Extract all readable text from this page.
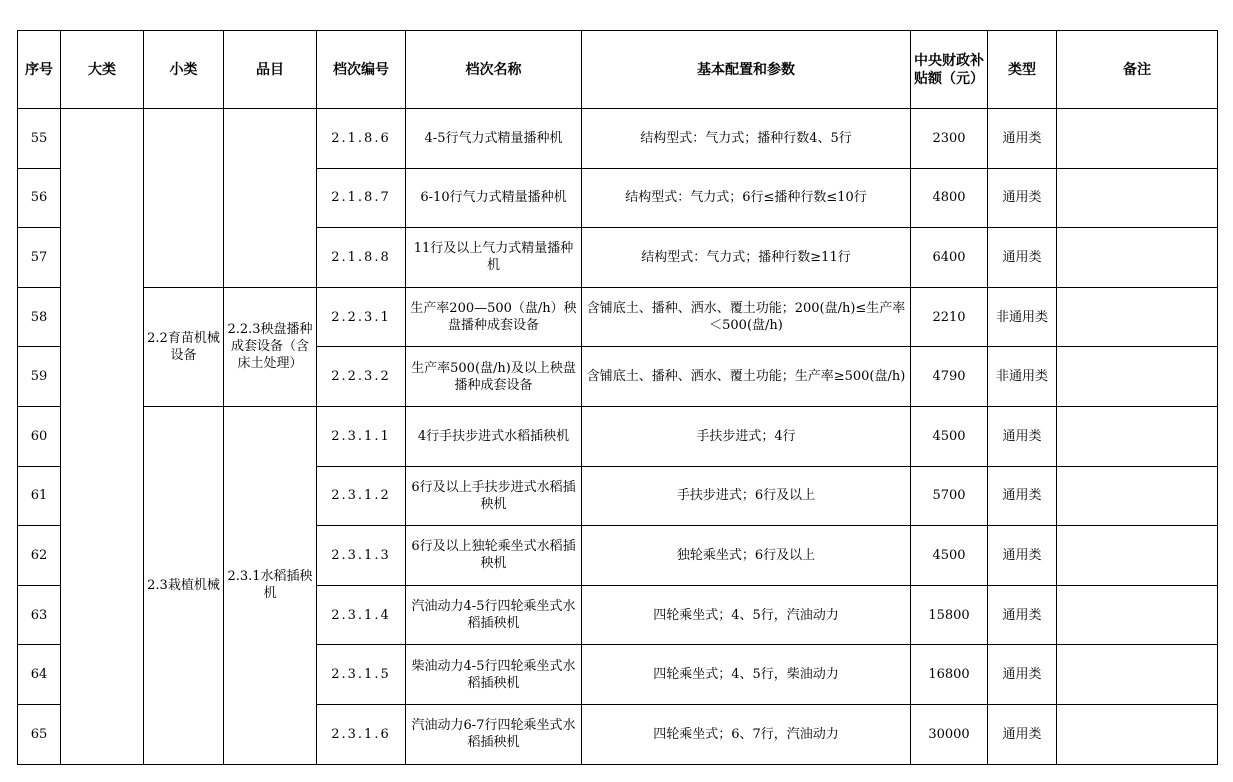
序号	大类	小类	品目	档次编号	档次名称	基本配置和参数	中央财政补贴额（元）	类型	备注
55				2.1.8.6	4-5行气力式精量播种机	结构型式：气力式；播种行数4、5行	2300	通用类	
56				2.1.8.7	6-10行气力式精量播种机	结构型式：气力式；6行≤播种行数≤10行	4800	通用类	
57				2.1.8.8	11行及以上气力式精量播种机	结构型式：气力式；播种行数≥11行	6400	通用类	
58		2.2育苗机械设备	2.2.3秧盘播种成套设备（含床土处理）	2.2.3.1	生产率200—500（盘/h）秧盘播种成套设备	含铺底土、播种、洒水、覆土功能；200(盘/h)≤生产率＜500(盘/h)	2210	非通用类	
59				2.2.3.2	生产率500(盘/h)及以上秧盘播种成套设备	含铺底土、播种、洒水、覆土功能；生产率≥500(盘/h)	4790	非通用类	
60		2.3栽植机械	2.3.1水稻插秧机	2.3.1.1	4行手扶步进式水稻插秧机	手扶步进式；4行	4500	通用类	
61				2.3.1.2	6行及以上手扶步进式水稻插秧机	手扶步进式；6行及以上	5700	通用类	
62				2.3.1.3	6行及以上独轮乘坐式水稻插秧机	独轮乘坐式；6行及以上	4500	通用类	
63				2.3.1.4	汽油动力4-5行四轮乘坐式水稻插秧机	四轮乘坐式；4、5行，汽油动力	15800	通用类	
64				2.3.1.5	柴油动力4-5行四轮乘坐式水稻插秧机	四轮乘坐式；4、5行，柴油动力	16800	通用类	
65				2.3.1.6	汽油动力6-7行四轮乘坐式水稻插秧机	四轮乘坐式；6、7行，汽油动力	30000	通用类	
